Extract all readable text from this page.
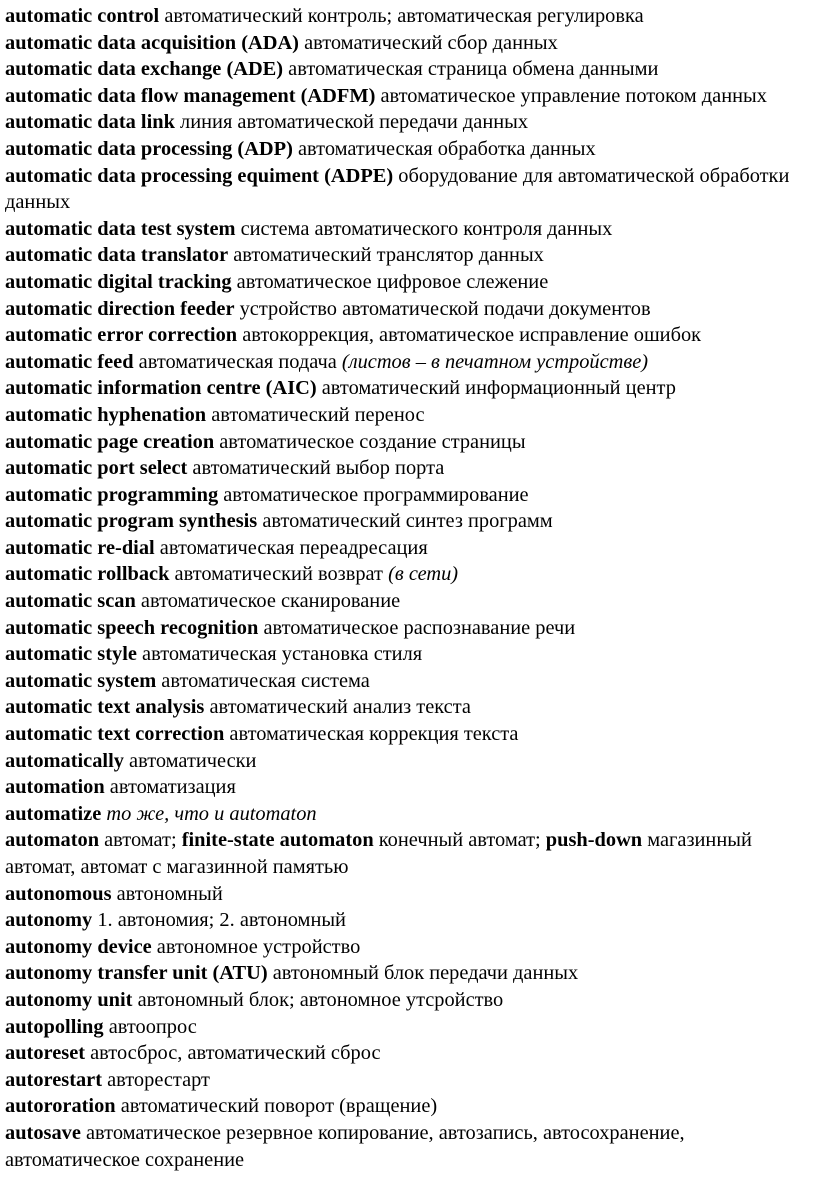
automatic control автоматический контроль; автоматическая регулировка

automatic data acquisition (ADA) автоматический сбор данных

automatic data exchange (ADE) автоматическая страница обмена данными

automatic data flow management (ADFM) автоматическое управление потоком данных

automatic data link линия автоматической передачи данных

automatic data processing (ADP) автоматическая обработка данных

automatic data processing equiment (ADPE) оборудование для автоматической обработки данных

automatic data test system система автоматического контроля данных

automatic data translator автоматический транслятор данных

automatic digital tracking автоматическое цифровое слежение

automatic direction feeder устройство автоматической подачи документов

automatic error correction автокоррекция, автоматическое исправление ошибок

automatic feed автоматическая подача (листов – в печатном устройстве)

automatic information centre (AIC) автоматический информационный центр

automatic hyphenation автоматический перенос

automatic page creation автоматическое создание страницы

automatic port select автоматический выбор порта

automatic programming автоматическое программирование

automatic program synthesis автоматический синтез программ

automatic re-dial автоматическая переадресация

automatic rollback автоматический возврат (в сети)

automatic scan автоматическое сканирование

automatic speech recognition автоматическое распознавание речи

automatic style автоматическая установка стиля

automatic system автоматическая система

automatic text analysis автоматический анализ текста

automatic text correction автоматическая коррекция текста

automatically автоматически

automation автоматизация

automatize то же, что и automaton

automaton автомат; finite-state automaton конечный автомат; push-down магазинный автомат, автомат с магазинной памятью

autonomous автономный

autonomy 1. автономия; 2. автономный

autonomy device автономное устройство

autonomy transfer unit (ATU) автономный блок передачи данных

autonomy unit автономный блок; автономное утсройство

autopolling автоопрос

autoreset автосброс, автоматический сброс

autorestart авторестарт

autororation автоматический поворот (вращение)

autosave автоматическое резервное копирование, автозапись, автосохранение, автоматическое сохранение
